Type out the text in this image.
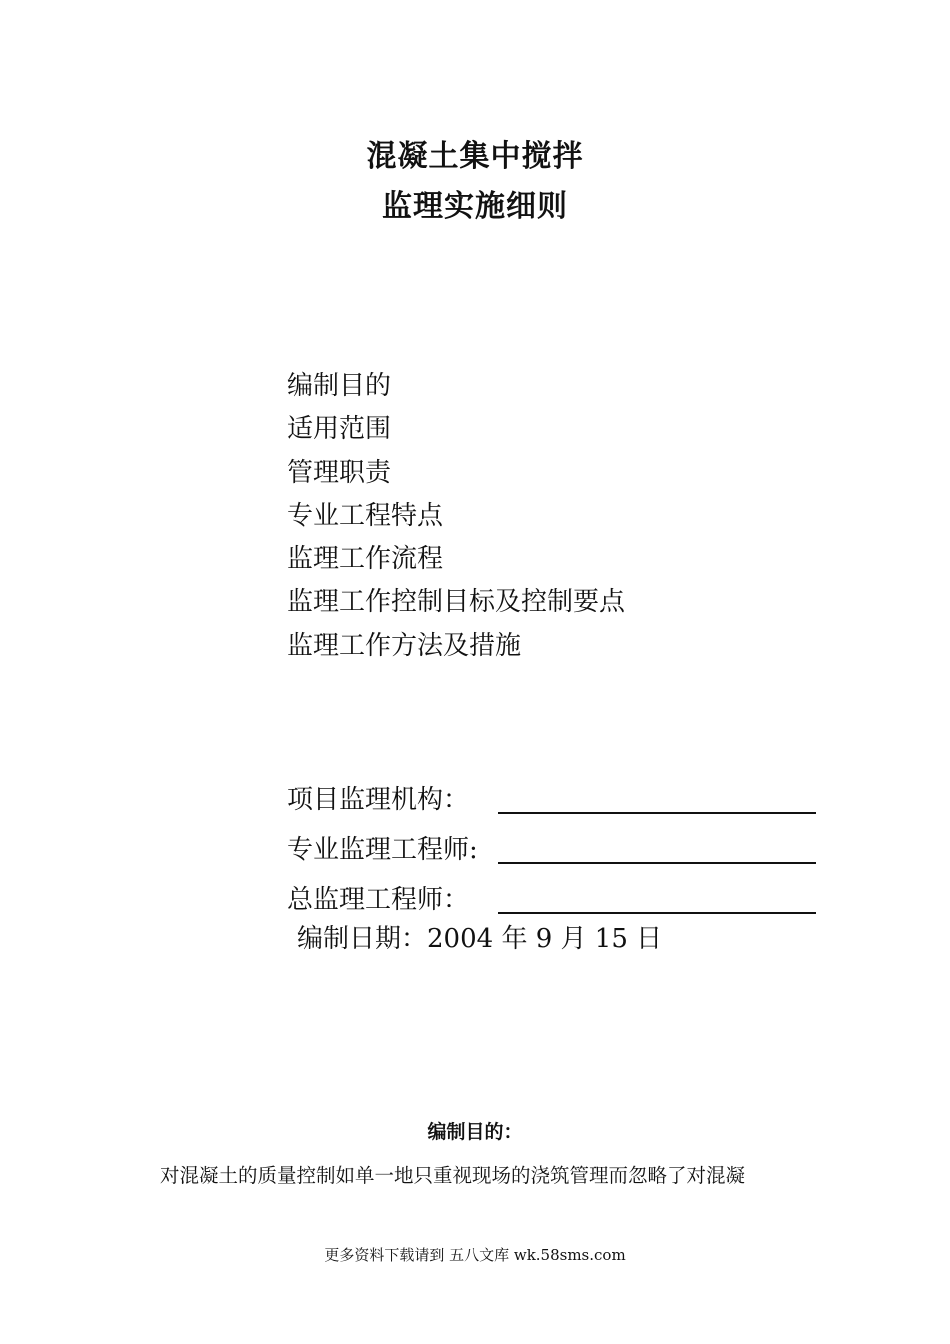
混凝土集中搅拌
监理实施细则
编制目的
适用范围
管理职责
专业工程特点
监理工作流程
监理工作控制目标及控制要点
监理工作方法及措施
项目监理机构：
专业监理工程师:
总监理工程师：
编制日期：2004 年 9 月 15 日
编制目的：
对混凝土的质量控制如单一地只重视现场的浇筑管理而忽略了对混凝
更多资料下载请到 五八文库 wk.58sms.com
